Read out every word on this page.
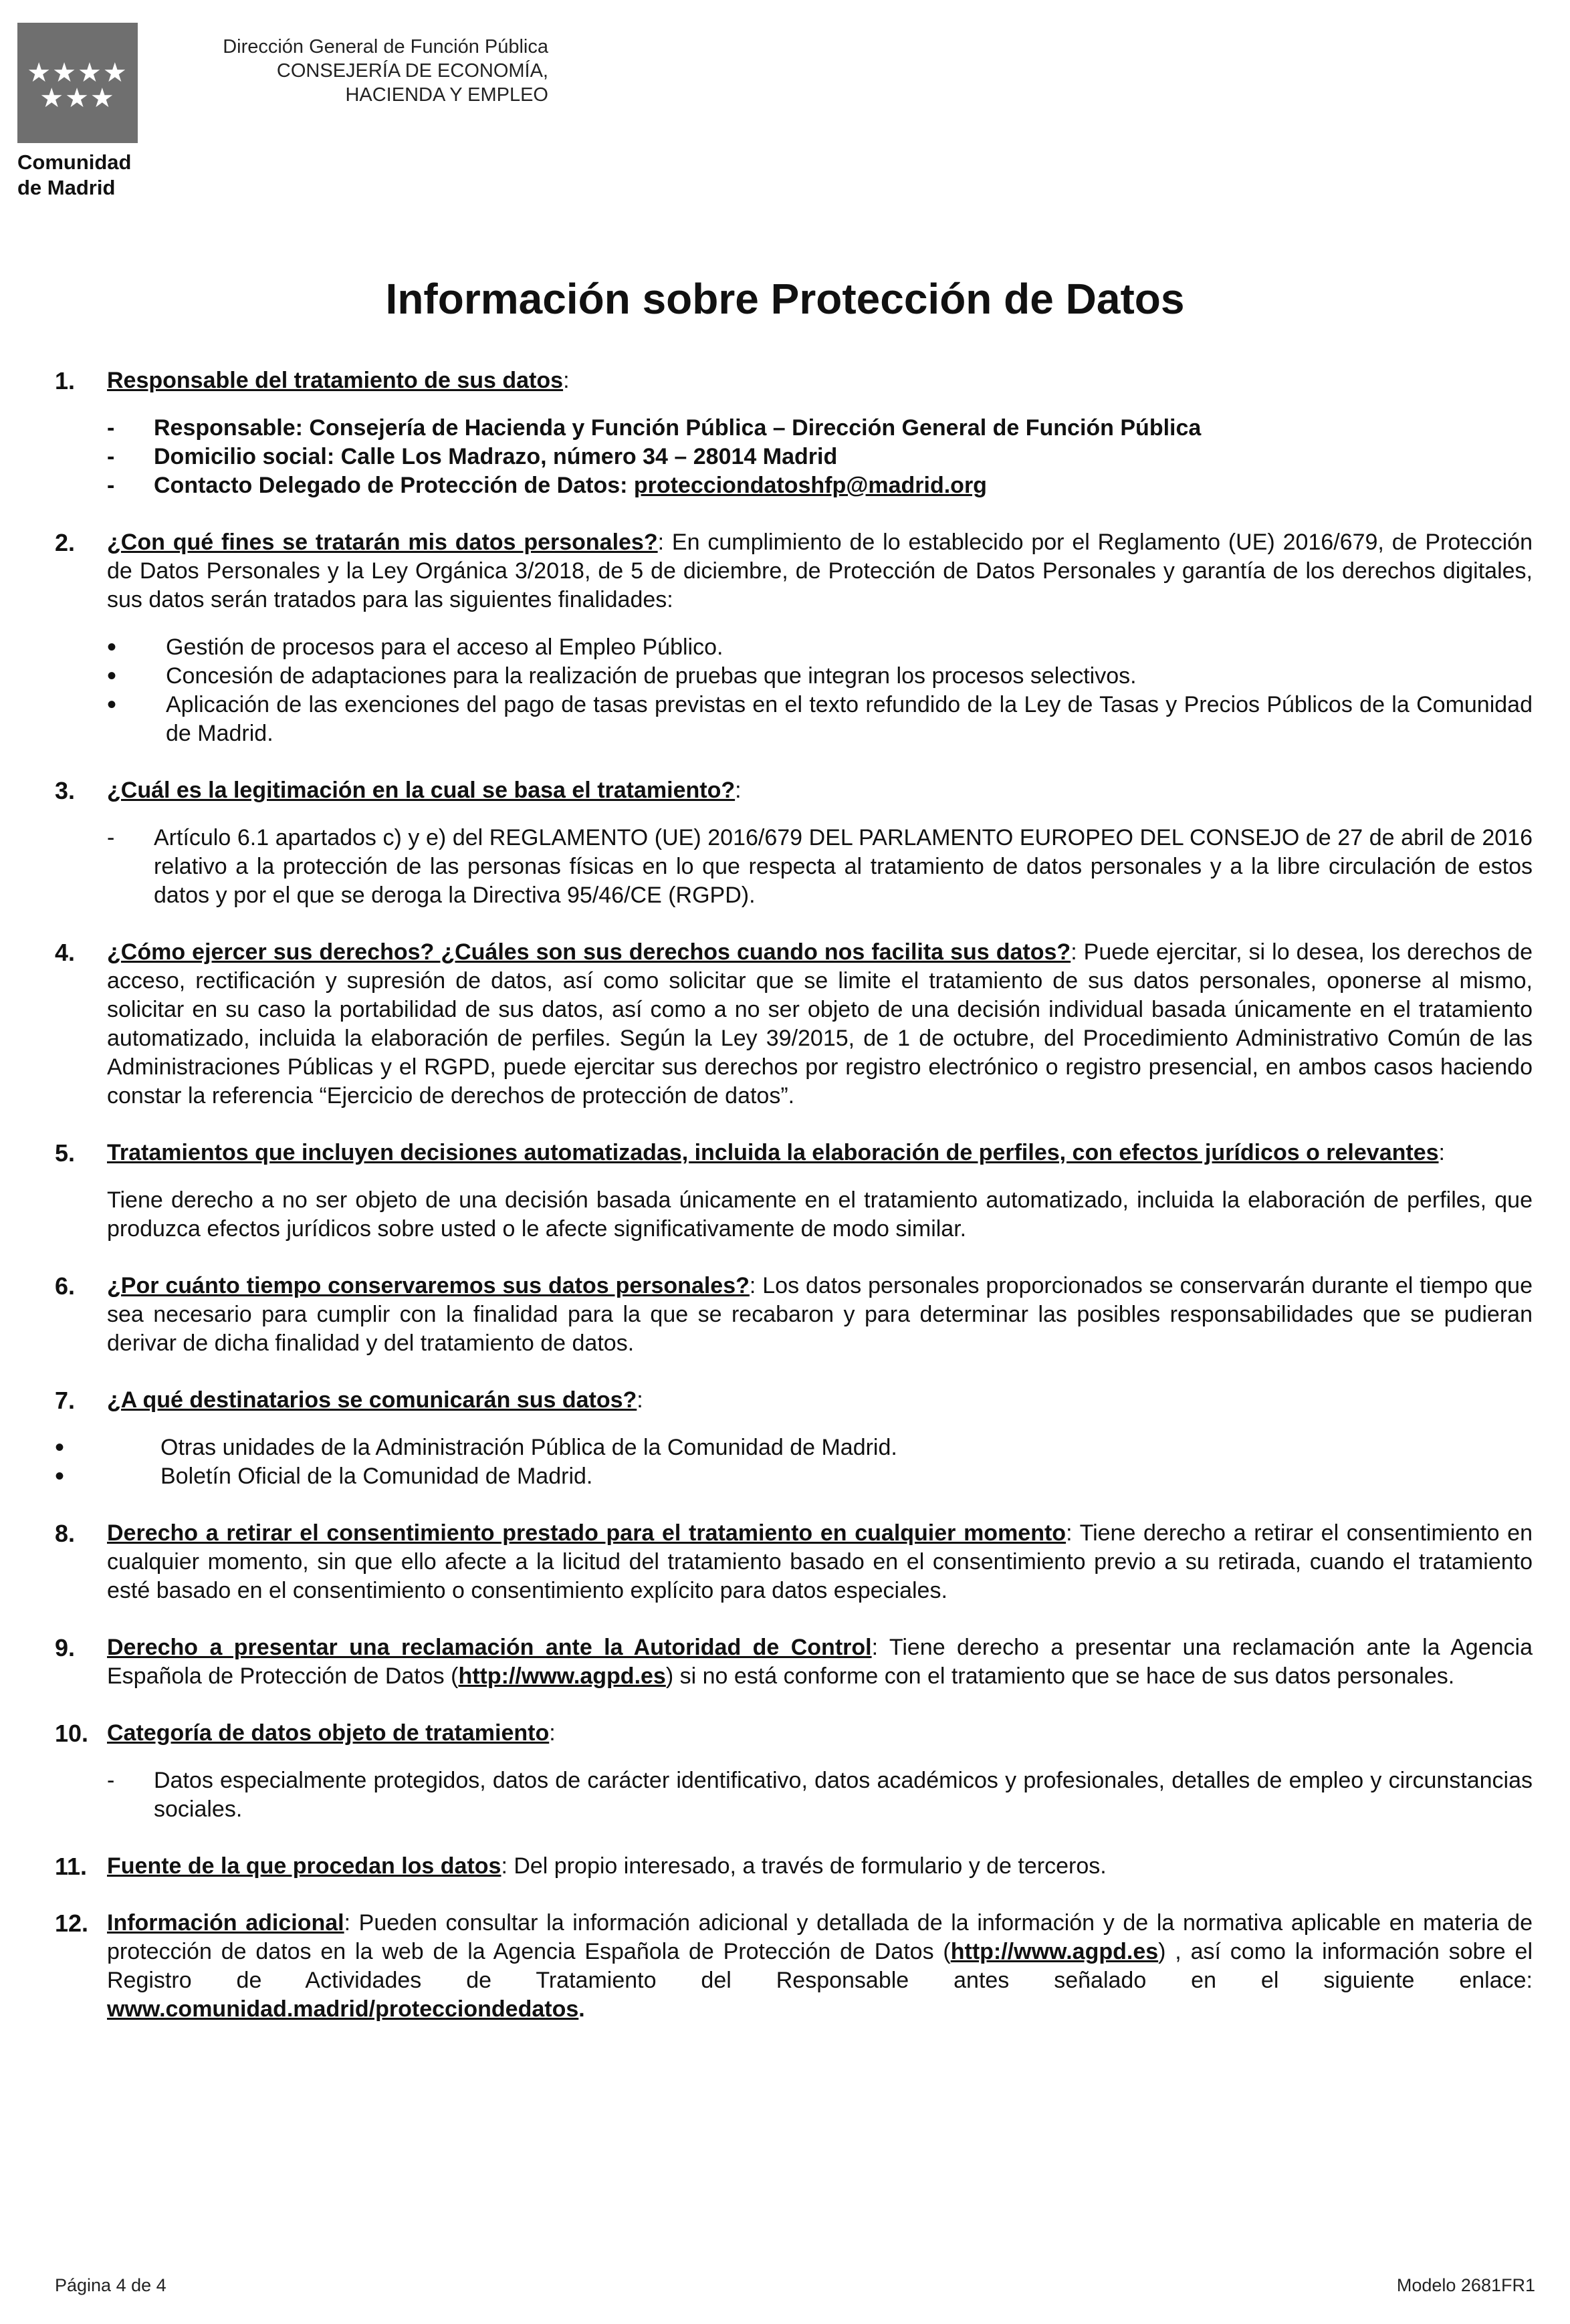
★★★★
★★★
Comunidad
de Madrid
Dirección General de Función Pública
CONSEJERÍA DE ECONOMÍA,
HACIENDA Y EMPLEO
Información sobre Protección de Datos
1. Responsable del tratamiento de sus datos:
- Responsable: Consejería de Hacienda y Función Pública – Dirección General de Función Pública
- Domicilio social: Calle Los Madrazo, número 34 – 28014 Madrid
- Contacto Delegado de Protección de Datos: protecciondatoshfp@madrid.org
2. ¿Con qué fines se tratarán mis datos personales?: En cumplimiento de lo establecido por el Reglamento (UE) 2016/679, de Protección de Datos Personales y la Ley Orgánica 3/2018, de 5 de diciembre, de Protección de Datos Personales y garantía de los derechos digitales, sus datos serán tratados para las siguientes finalidades:
• Gestión de procesos para el acceso al Empleo Público.
• Concesión de adaptaciones para la realización de pruebas que integran los procesos selectivos.
• Aplicación de las exenciones del pago de tasas previstas en el texto refundido de la Ley de Tasas y Precios Públicos de la Comunidad de Madrid.
3. ¿Cuál es la legitimación en la cual se basa el tratamiento?:
- Artículo 6.1 apartados c) y e) del REGLAMENTO (UE) 2016/679 DEL PARLAMENTO EUROPEO DEL CONSEJO de 27 de abril de 2016 relativo a la protección de las personas físicas en lo que respecta al tratamiento de datos personales y a la libre circulación de estos datos y por el que se deroga la Directiva 95/46/CE (RGPD).
4. ¿Cómo ejercer sus derechos? ¿Cuáles son sus derechos cuando nos facilita sus datos?: Puede ejercitar, si lo desea, los derechos de acceso, rectificación y supresión de datos, así como solicitar que se limite el tratamiento de sus datos personales, oponerse al mismo, solicitar en su caso la portabilidad de sus datos, así como a no ser objeto de una decisión individual basada únicamente en el tratamiento automatizado, incluida la elaboración de perfiles. Según la Ley 39/2015, de 1 de octubre, del Procedimiento Administrativo Común de las Administraciones Públicas y el RGPD, puede ejercitar sus derechos por registro electrónico o registro presencial, en ambos casos haciendo constar la referencia “Ejercicio de derechos de protección de datos”.
5. Tratamientos que incluyen decisiones automatizadas, incluida la elaboración de perfiles, con efectos jurídicos o relevantes:
Tiene derecho a no ser objeto de una decisión basada únicamente en el tratamiento automatizado, incluida la elaboración de perfiles, que produzca efectos jurídicos sobre usted o le afecte significativamente de modo similar.
6. ¿Por cuánto tiempo conservaremos sus datos personales?: Los datos personales proporcionados se conservarán durante el tiempo que sea necesario para cumplir con la finalidad para la que se recabaron y para determinar las posibles responsabilidades que se pudieran derivar de dicha finalidad y del tratamiento de datos.
7. ¿A qué destinatarios se comunicarán sus datos?:
• Otras unidades de la Administración Pública de la Comunidad de Madrid.
• Boletín Oficial de la Comunidad de Madrid.
8. Derecho a retirar el consentimiento prestado para el tratamiento en cualquier momento: Tiene derecho a retirar el consentimiento en cualquier momento, sin que ello afecte a la licitud del tratamiento basado en el consentimiento previo a su retirada, cuando el tratamiento esté basado en el consentimiento o consentimiento explícito para datos especiales.
9. Derecho a presentar una reclamación ante la Autoridad de Control: Tiene derecho a presentar una reclamación ante la Agencia Española de Protección de Datos (http://www.agpd.es) si no está conforme con el tratamiento que se hace de sus datos personales.
10. Categoría de datos objeto de tratamiento:
- Datos especialmente protegidos, datos de carácter identificativo, datos académicos y profesionales, detalles de empleo y circunstancias sociales.
11. Fuente de la que procedan los datos: Del propio interesado, a través de formulario y de terceros.
12. Información adicional: Pueden consultar la información adicional y detallada de la información y de la normativa aplicable en materia de protección de datos en la web de la Agencia Española de Protección de Datos (http://www.agpd.es) , así como la información sobre el Registro de Actividades de Tratamiento del Responsable antes señalado en el siguiente enlace: www.comunidad.madrid/protecciondedatos.
Página 4 de 4	Modelo 2681FR1
